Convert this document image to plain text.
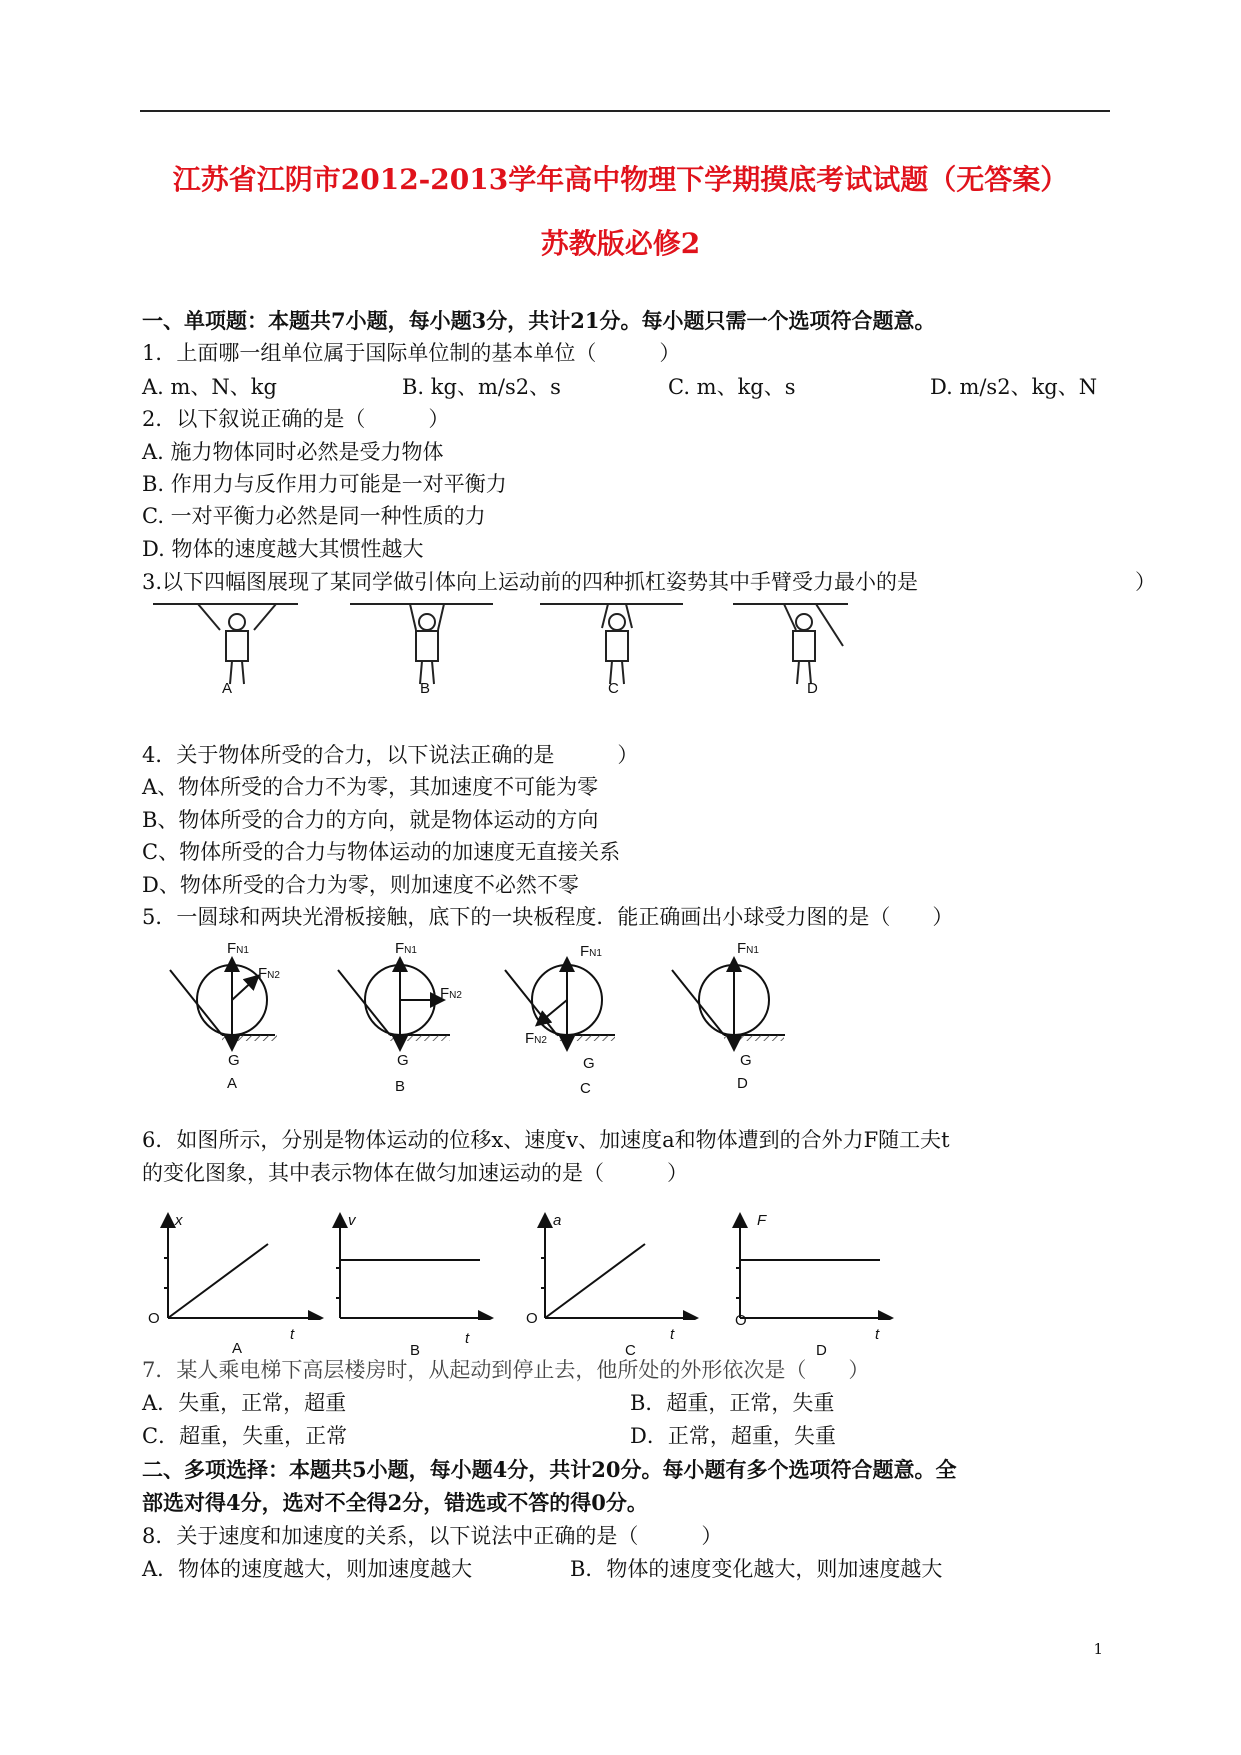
江苏省江阴市2012-2013学年高中物理下学期摸底考试试题（无答案）
苏教版必修2
一、单项题：本题共7小题，每小题3分，共计21分。每小题只需一个选项符合题意。
1．上面哪一组单位属于国际单位制的基本单位（　　　）
A. m、N、kg	B. kg、m/s2、s	C. m、kg、s	D. m/s2、kg、N
2．以下叙说正确的是（　　　）
A. 施力物体同时必然是受力物体
B. 作用力与反作用力可能是一对平衡力
C. 一对平衡力必然是同一种性质的力
D. 物体的速度越大其惯性越大
3.以下四幅图展现了某同学做引体向上运动前的四种抓杠姿势其中手臂受力最小的是	）
A	B	C	D
4．关于物体所受的合力，以下说法正确的是　　　）
A、物体所受的合力不为零，其加速度不可能为零
B、物体所受的合力的方向，就是物体运动的方向
C、物体所受的合力与物体运动的加速度无直接关系
D、物体所受的合力为零，则加速度不必然不零
5．一圆球和两块光滑板接触，底下的一块板程度．能正确画出小球受力图的是（　　）
FN1
FN2
G
A
FN1
FN2
G
B
FN1
FN2
G
C
FN1
G
D
6．如图所示，分别是物体运动的位移x、速度v、加速度a和物体遭到的合外力F随工夫t
的变化图象，其中表示物体在做匀加速运动的是（　　　）
x
O
t
A
v
t
B
a
O
t
C
F
O
t
D
7．某人乘电梯下高层楼房时，从起动到停止去，他所处的外形依次是（　　）
A．失重，正常，超重	B．超重，正常，失重
C．超重，失重，正常	D．正常，超重，失重
二、多项选择：本题共5小题，每小题4分，共计20分。每小题有多个选项符合题意。全
部选对得4分，选对不全得2分，错选或不答的得0分。
8．关于速度和加速度的关系，以下说法中正确的是（　　　）
A．物体的速度越大，则加速度越大	B．物体的速度变化越大，则加速度越大
1
